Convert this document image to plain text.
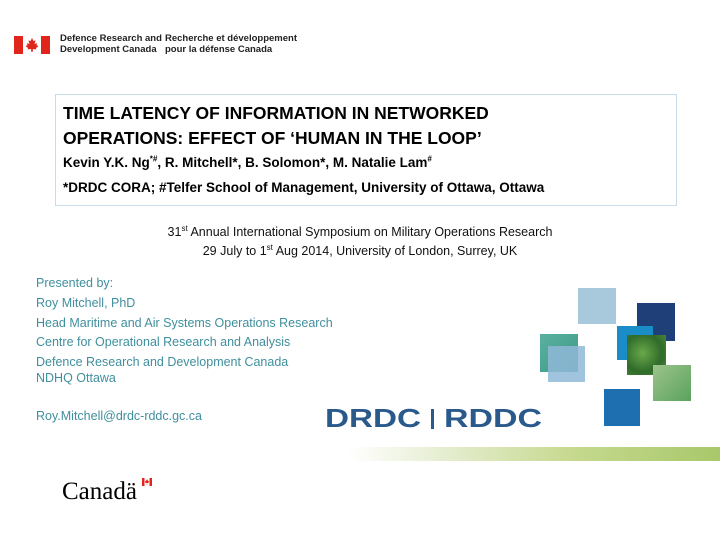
Defence Research and
Development Canada
Recherche et développement
pour la défense Canada
TIME LATENCY OF INFORMATION IN NETWORKED
OPERATIONS: EFFECT OF ‘HUMAN IN THE LOOP’
Kevin Y.K. Ng*#, R. Mitchell*, B. Solomon*, M. Natalie Lam#
*DRDC CORA; #Telfer School of Management, University of Ottawa, Ottawa
31st Annual International Symposium on Military Operations Research
29 July to 1st Aug 2014, University of London, Surrey, UK
Presented by:
Roy Mitchell, PhD
Head Maritime and Air Systems Operations Research
Centre for Operational Research and Analysis
Defence Research and Development Canada
NDHQ Ottawa
Roy.Mitchell@drdc-rddc.gc.ca	DRDC RDDC
Canadä
